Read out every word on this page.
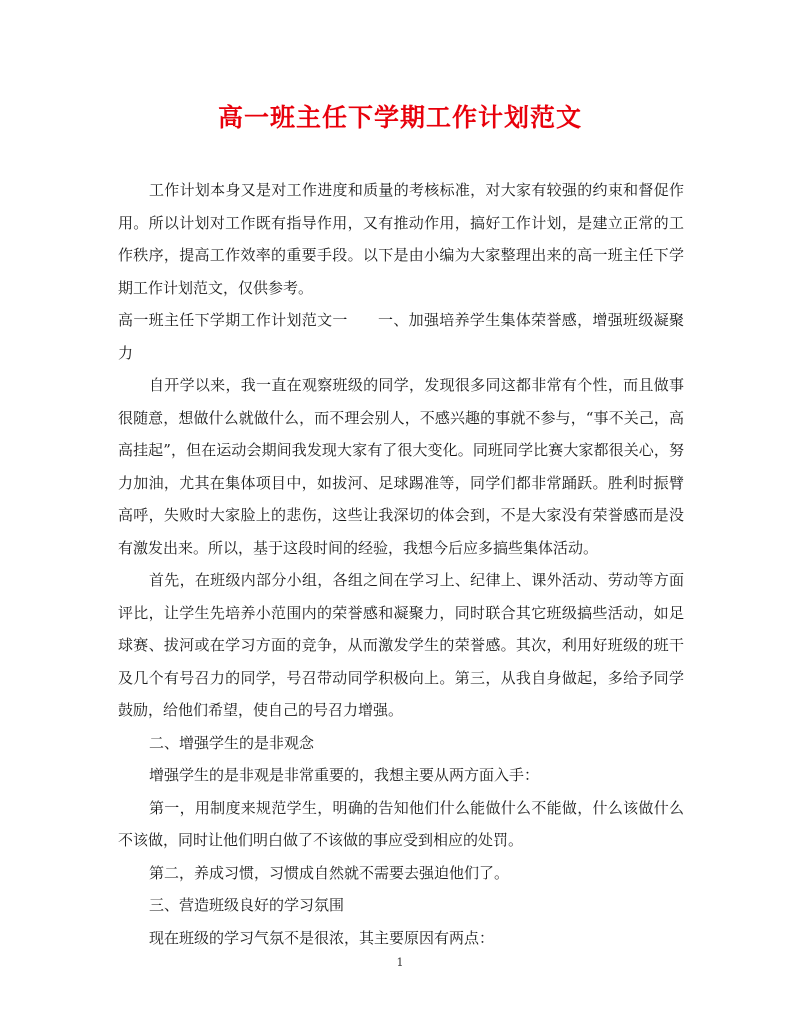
高一班主任下学期工作计划范文

工作计划本身又是对工作进度和质量的考核标准，对大家有较强的约束和督促作用。所以计划对工作既有指导作用，又有推动作用，搞好工作计划，是建立正常的工作秩序，提高工作效率的重要手段。以下是由小编为大家整理出来的高一班主任下学期工作计划范文，仅供参考。

高一班主任下学期工作计划范文一 一、加强培养学生集体荣誉感，增强班级凝聚力

自开学以来，我一直在观察班级的同学，发现很多同这都非常有个性，而且做事很随意，想做什么就做什么，而不理会别人，不感兴趣的事就不参与，“事不关己，高高挂起”，但在运动会期间我发现大家有了很大变化。同班同学比赛大家都很关心，努力加油，尤其在集体项目中，如拔河、足球踢准等，同学们都非常踊跃。胜利时振臂高呼，失败时大家脸上的悲伤，这些让我深切的体会到，不是大家没有荣誉感而是没有激发出来。所以，基于这段时间的经验，我想今后应多搞些集体活动。

首先，在班级内部分小组，各组之间在学习上、纪律上、课外活动、劳动等方面评比，让学生先培养小范围内的荣誉感和凝聚力，同时联合其它班级搞些活动，如足球赛、拔河或在学习方面的竞争，从而激发学生的荣誉感。其次，利用好班级的班干及几个有号召力的同学，号召带动同学积极向上。第三，从我自身做起，多给予同学鼓励，给他们希望，使自己的号召力增强。

二、增强学生的是非观念

增强学生的是非观是非常重要的，我想主要从两方面入手：

第一，用制度来规范学生，明确的告知他们什么能做什么不能做，什么该做什么不该做，同时让他们明白做了不该做的事应受到相应的处罚。

第二，养成习惯，习惯成自然就不需要去强迫他们了。

三、营造班级良好的学习氛围

现在班级的学习气氛不是很浓，其主要原因有两点：

1
